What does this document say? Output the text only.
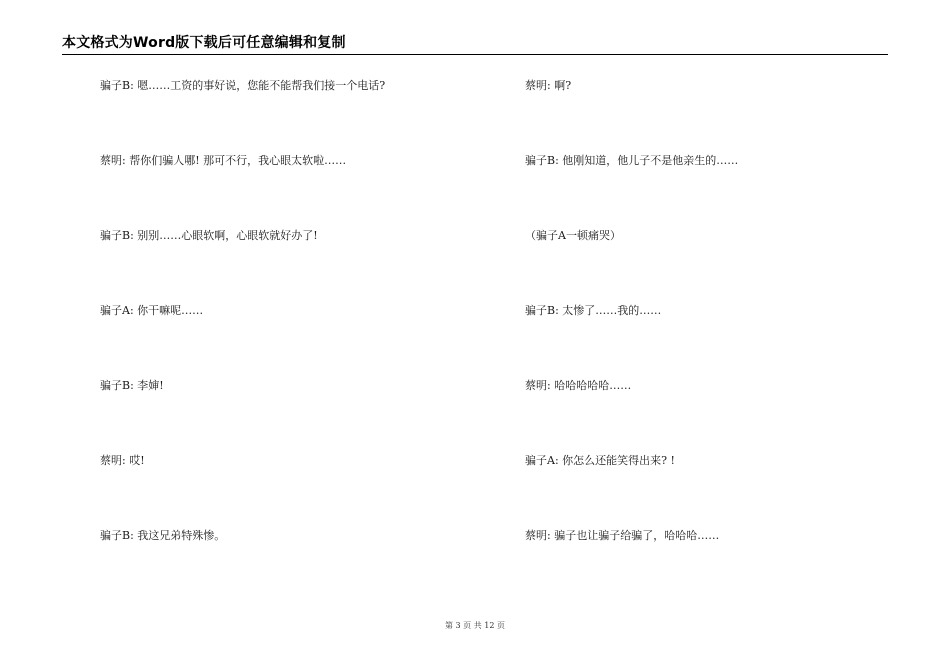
本文格式为Word版下载后可任意编辑和复制
骗子B: 嗯……工资的事好说，您能不能帮我们接一个电话?
蔡明: 帮你们骗人哪! 那可不行，我心眼太软啦……
骗子B: 别别……心眼软啊，心眼软就好办了!
骗子A: 你干嘛呢……
骗子B: 李婶!
蔡明: 哎!
骗子B: 我这兄弟特殊惨。
蔡明: 啊?
骗子B: 他刚知道，他儿子不是他亲生的……
（骗子A一顿痛哭）
骗子B: 太惨了……我的……
蔡明: 哈哈哈哈哈……
骗子A: 你怎么还能笑得出来? !
蔡明: 骗子也让骗子给骗了，哈哈哈……
第 3 页 共 12 页
